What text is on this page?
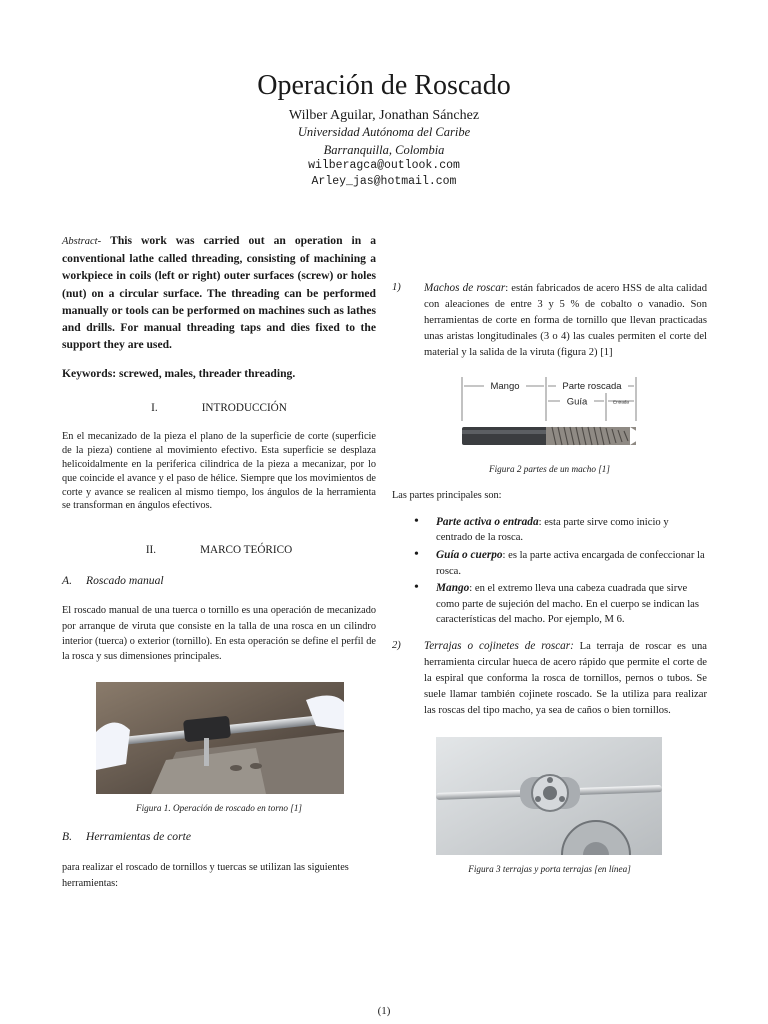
Operación de Roscado
Wilber Aguilar, Jonathan Sánchez
Universidad Autónoma del Caribe
Barranquilla, Colombia
wilberagca@outlook.com
Arley_jas@hotmail.com

Abstract- This work was carried out an operation in a conventional lathe called threading, consisting of machining a workpiece in coils (left or right) outer surfaces (screw) or holes (nut) on a circular surface. The threading can be performed manually or tools can be performed on machines such as lathes and drills. For manual threading taps and dies fixed to the support they are used.

Keywords: screwed, males, threader threading.

I.	INTRODUCCIÓN

En el mecanizado de la pieza el plano de la superficie de corte (superficie de la pieza) contiene al movimiento efectivo. Esta superficie se desplaza helicoidalmente en la periferica cilindrica de la pieza a mecanizar, por lo que coincide el avance y el paso de hélice. Siempre que los movimientos de corte y avance se realicen al mismo tiempo, los ángulos de la herramienta se transforman en ángulos efectivos.

II.	MARCO TEÓRICO
A. Roscado manual

El roscado manual de una tuerca o tornillo es una operación de mecanizado por arranque de viruta que consiste en la talla de una rosca en un cilindro interior (tuerca) o exterior (tornillo). En esta operación se define el perfil de la rosca y sus dimensiones principales.

Figura 1. Operación de roscado en torno [1]
B. Herramientas de corte

para realizar el roscado de tornillos y tuercas se utilizan las siguientes herramientas:

1)	Machos de roscar: están fabricados de acero HSS de alta calidad con aleaciones de entre 3 y 5 % de cobalto o vanadio. Son herramientas de corte en forma de tornillo que llevan practicadas unas aristas longitudinales (3 o 4) las cuales permiten el corte del material y la salida de la viruta (figura 2) [1]
Mango	Parte roscada
Guía	Entrada
Figura 2 partes de un macho [1]

Las partes principales son:

• Parte activa o entrada: esta parte sirve como inicio y centrado de la rosca.
• Guía o cuerpo: es la parte activa encargada de confeccionar la rosca.
• Mango: en el extremo lleva una cabeza cuadrada que sirve como parte de sujeción del macho. En el cuerpo se indican las características del macho. Por ejemplo, M 6.
2)	Terrajas o cojinetes de roscar: La terraja de roscar es una herramienta circular hueca de acero rápido que permite el corte de la espiral que conforma la rosca de tornillos, pernos o tubos. Se suele llamar también cojinete roscado. Se la utiliza para realizar las roscas del tipo macho, ya sea de caños o bien tornillos.
Figura 3 terrajas y porta terrajas [en línea]
(1)
